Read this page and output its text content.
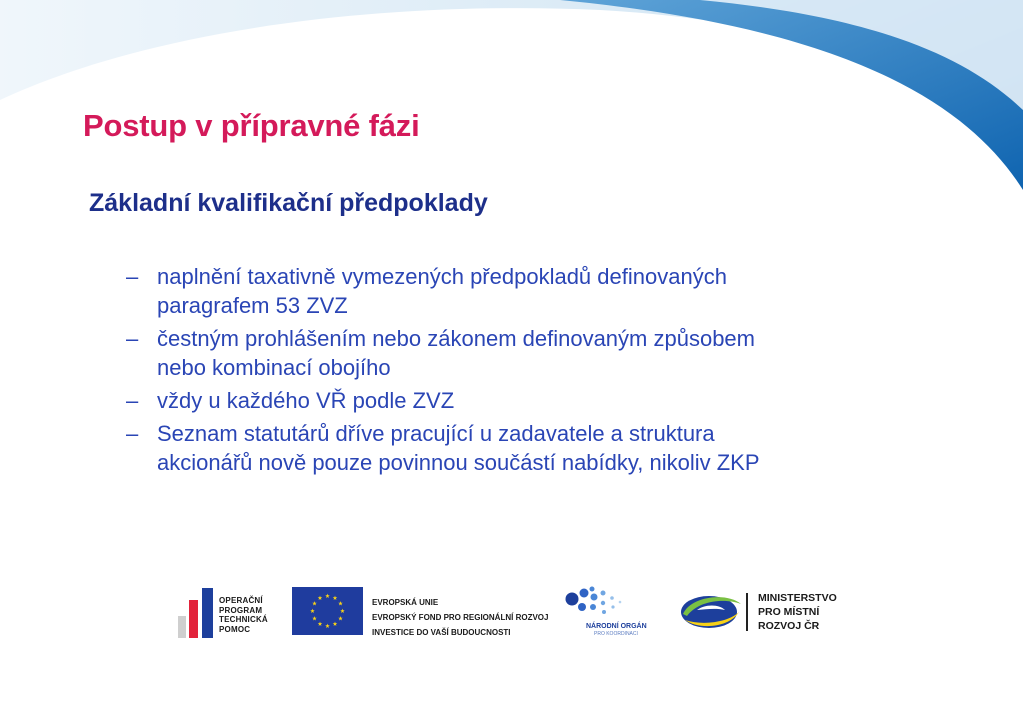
Postup v přípravné fázi
Základní kvalifikační předpoklady
– naplnění taxativně vymezených předpokladů definovaných
paragrafem 53 ZVZ
– čestným prohlášením nebo zákonem definovaným způsobem
nebo kombinací obojího
– vždy u každého VŘ podle ZVZ
– Seznam statutárů dříve pracující u zadavatele a struktura
akcionářů nově pouze povinnou součástí nabídky, nikoliv ZKP
OPERAČNÍ
PROGRAM
TECHNICKÁ
POMOC
EVROPSKÁ UNIE
EVROPSKÝ FOND PRO REGIONÁLNÍ ROZVOJ
INVESTICE DO VAŠÍ BUDOUCNOSTI
NÁRODNÍ ORGÁN
PRO KOORDINACI
MINISTERSTVO
PRO MÍSTNÍ
ROZVOJ ČR
